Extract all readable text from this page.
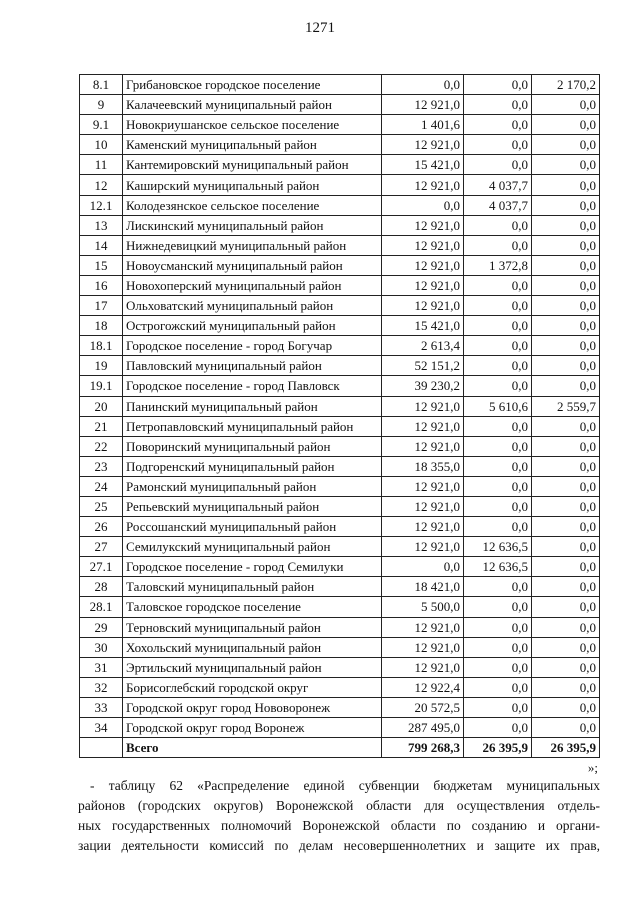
1271
8.1	Грибановское городское поселение	0,0	0,0	2 170,2
9	Калачеевский муниципальный район	12 921,0	0,0	0,0
9.1	Новокриушанское сельское поселение	1 401,6	0,0	0,0
10	Каменский муниципальный район	12 921,0	0,0	0,0
11	Кантемировский муниципальный район	15 421,0	0,0	0,0
12	Каширский муниципальный район	12 921,0	4 037,7	0,0
12.1	Колодезянское сельское поселение	0,0	4 037,7	0,0
13	Лискинский муниципальный район	12 921,0	0,0	0,0
14	Нижнедевицкий муниципальный район	12 921,0	0,0	0,0
15	Новоусманский муниципальный район	12 921,0	1 372,8	0,0
16	Новохоперский муниципальный район	12 921,0	0,0	0,0
17	Ольховатский муниципальный район	12 921,0	0,0	0,0
18	Острогожский муниципальный район	15 421,0	0,0	0,0
18.1	Городское поселение - город Богучар	2 613,4	0,0	0,0
19	Павловский муниципальный район	52 151,2	0,0	0,0
19.1	Городское поселение - город Павловск	39 230,2	0,0	0,0
20	Панинский муниципальный район	12 921,0	5 610,6	2 559,7
21	Петропавловский муниципальный район	12 921,0	0,0	0,0
22	Поворинский муниципальный район	12 921,0	0,0	0,0
23	Подгоренский муниципальный район	18 355,0	0,0	0,0
24	Рамонский муниципальный район	12 921,0	0,0	0,0
25	Репьевский муниципальный район	12 921,0	0,0	0,0
26	Россошанский муниципальный район	12 921,0	0,0	0,0
27	Семилукский муниципальный район	12 921,0	12 636,5	0,0
27.1	Городское поселение - город Семилуки	0,0	12 636,5	0,0
28	Таловский муниципальный район	18 421,0	0,0	0,0
28.1	Таловское городское поселение	5 500,0	0,0	0,0
29	Терновский муниципальный район	12 921,0	0,0	0,0
30	Хохольский муниципальный район	12 921,0	0,0	0,0
31	Эртильский муниципальный район	12 921,0	0,0	0,0
32	Борисоглебский городской округ	12 922,4	0,0	0,0
33	Городской округ город Нововоронеж	20 572,5	0,0	0,0
34	Городской округ город Воронеж	287 495,0	0,0	0,0
	Всего	799 268,3	26 395,9	26 395,9
»;
- таблицу 62 «Распределение единой субвенции бюджетам муниципальных
районов (городских округов) Воронежской области для осуществления отдель-
ных государственных полномочий Воронежской области по созданию и органи-
зации деятельности комиссий по делам несовершеннолетних и защите их прав,
